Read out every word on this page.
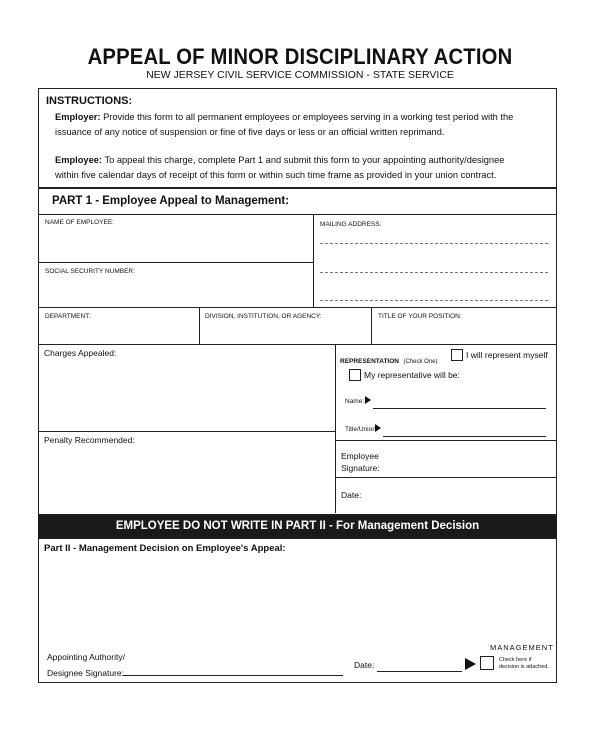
APPEAL OF MINOR DISCIPLINARY ACTION
NEW JERSEY CIVIL SERVICE COMMISSION - STATE SERVICE
INSTRUCTIONS:
Employer: Provide this form to all permanent employees or employees serving in a working test period with the
issuance of any notice of suspension or fine of five days or less or an official written reprimand.
Employee: To appeal this charge, complete Part 1 and submit this form to your appointing authority/designee
within five calendar days of receipt of this form or within such time frame as provided in your union contract.
PART 1 - Employee Appeal to Management:
NAME OF EMPLOYEE:	MAILING ADDRESS:
SOCIAL SECURITY NUMBER:
DEPARTMENT:	DIVISION, INSTITUTION, OR AGENCY:	TITLE OF YOUR POSITION:
Charges Appealed:
Penalty Recommended:
REPRESENTATION (Check One)
I will represent myself
My representative will be:
Name:
Title/Union:
Employee
Signature:
Date:
EMPLOYEE DO NOT WRITE IN PART II - For Management Decision
Part II - Management Decision on Employee's Appeal:
Appointing Authority/
Designee Signature:
Date:
MANAGEMENT
Check here if
decision is attached.
